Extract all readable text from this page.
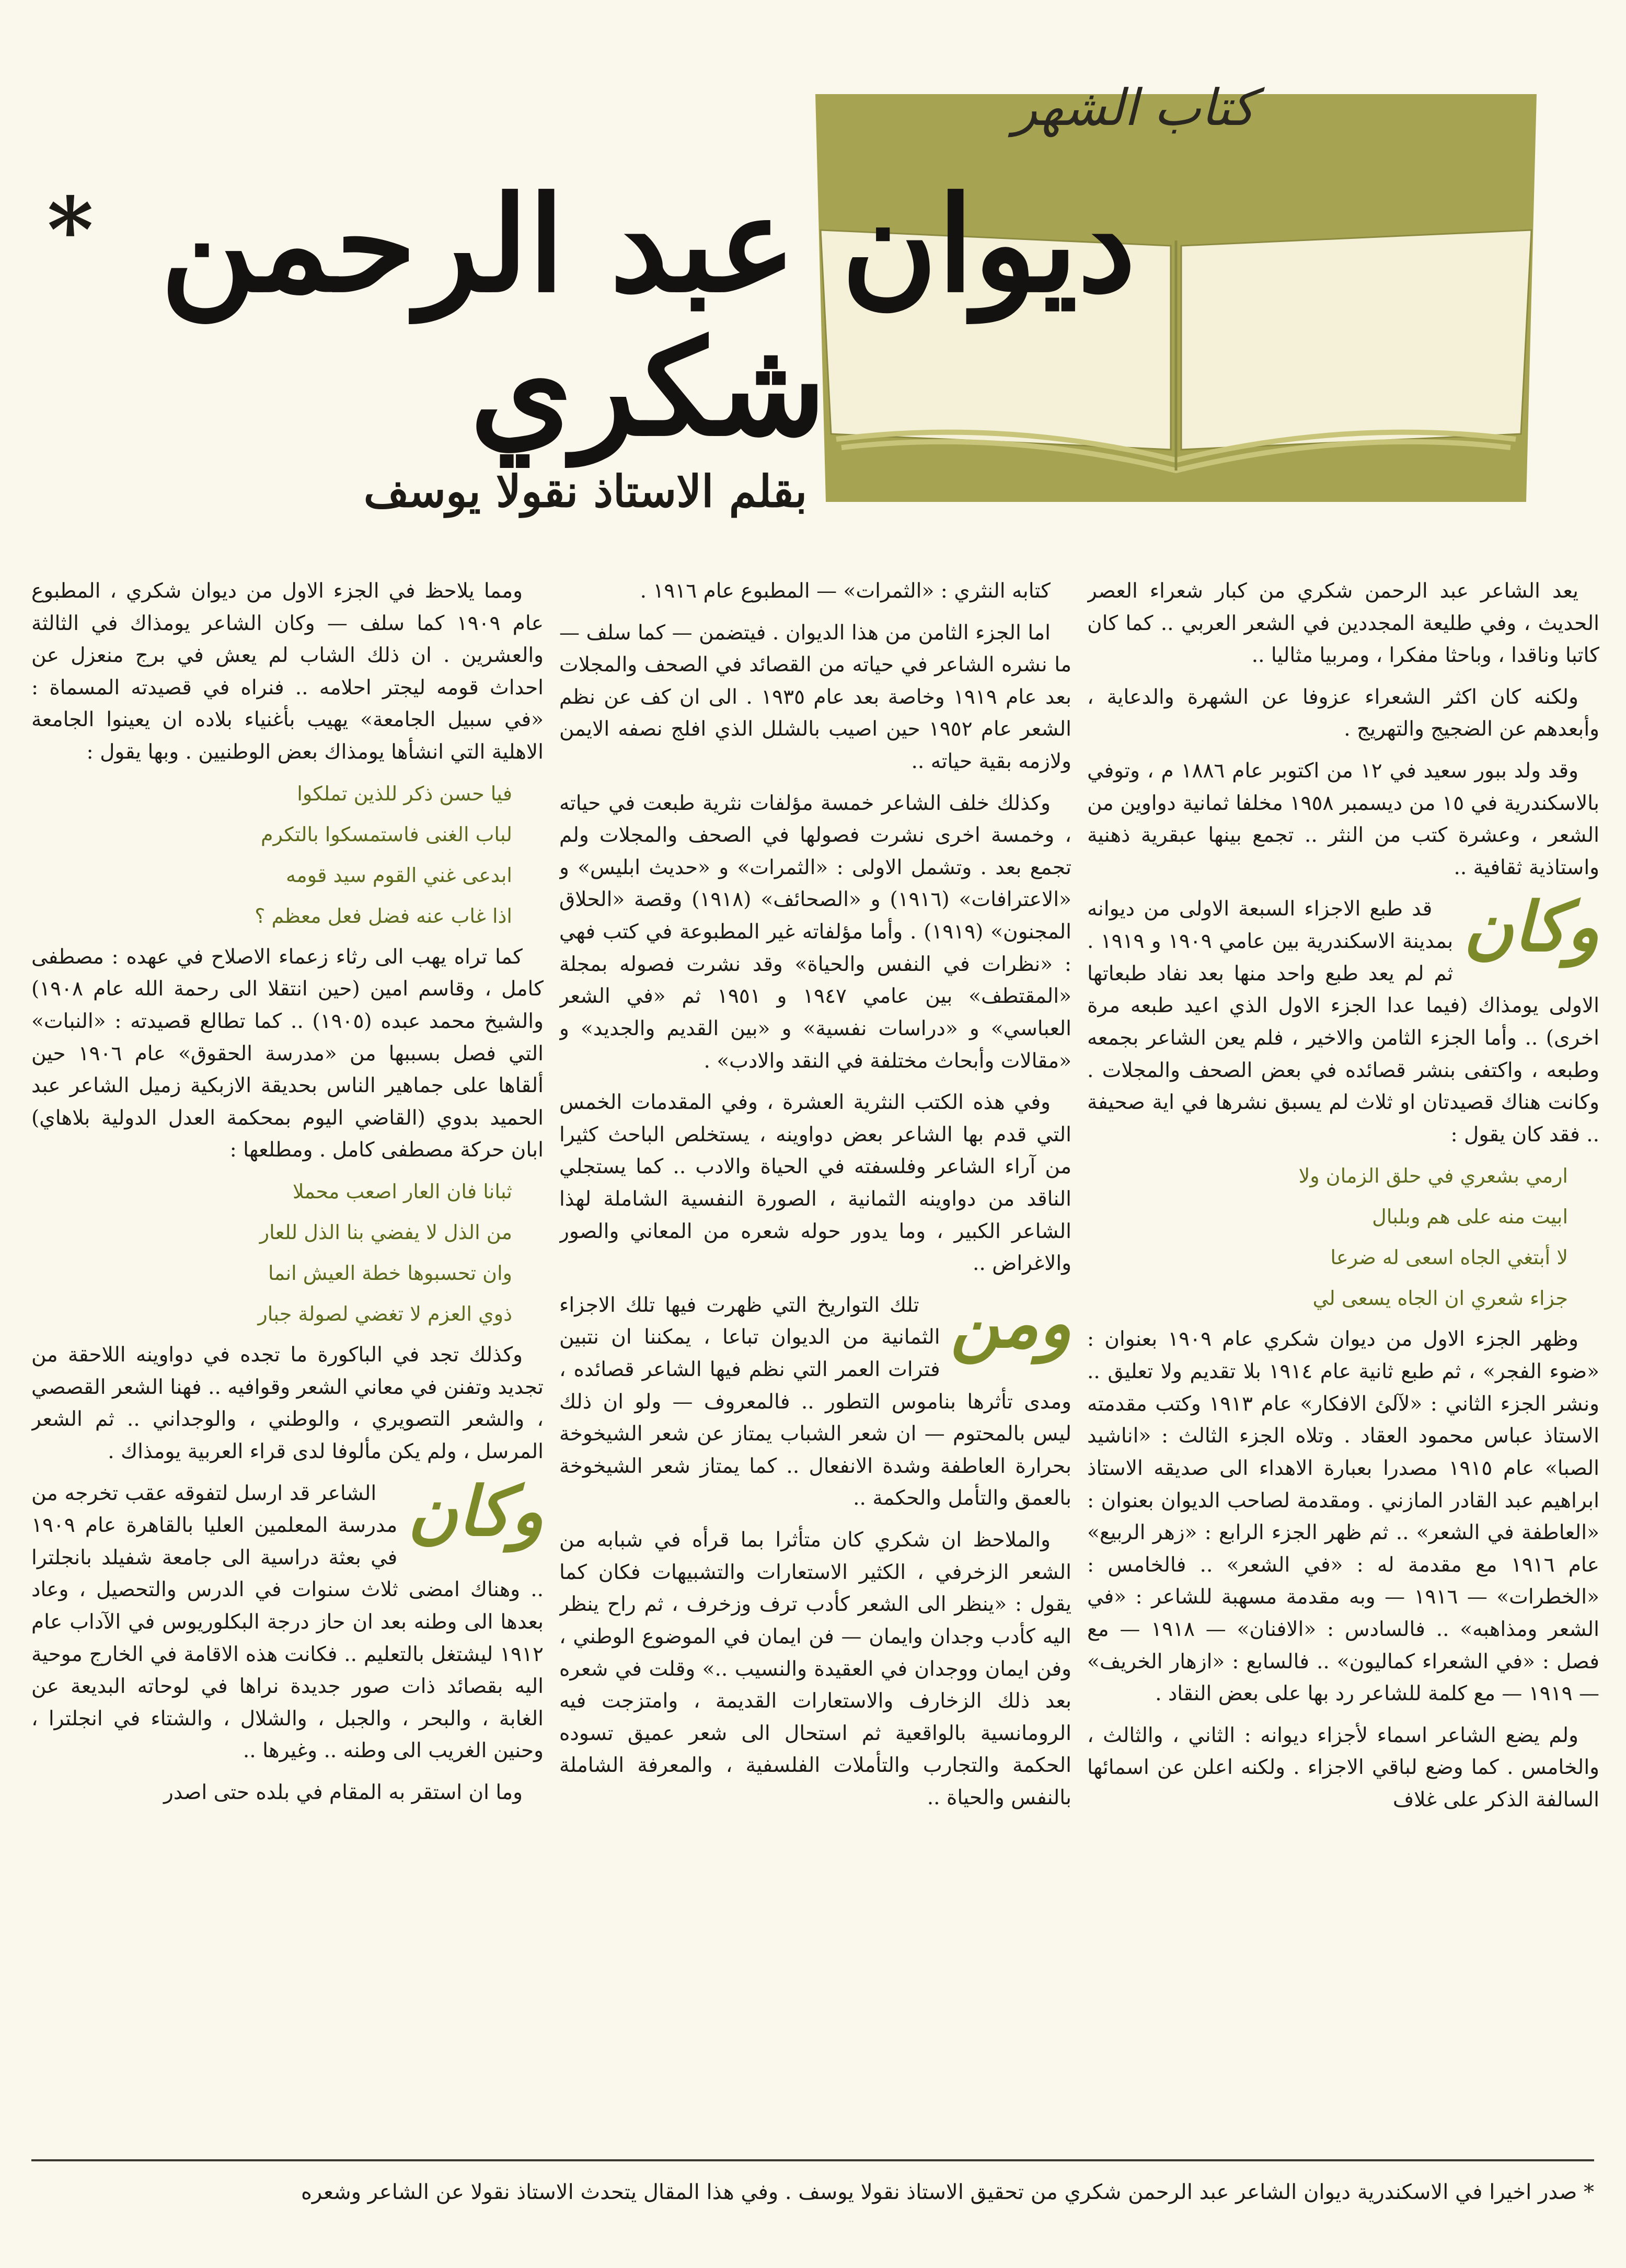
كتاب الشهر
* ديوان عبد الرحمن شكري
بقلم الاستاذ نقولا يوسف

يعد الشاعر عبد الرحمن شكري من كبار شعراء العصر الحديث ، وفي طليعة المجددين في الشعر العربي .. كما كان كاتبا وناقدا ، وباحثا مفكرا ، ومربيا مثاليا ..

ولكنه كان اكثر الشعراء عزوفا عن الشهرة والدعاية ، وأبعدهم عن الضجيج والتهريج .

وقد ولد ببور سعيد في ١٢ من اكتوبر عام ١٨٨٦ م ، وتوفي بالاسكندرية في ١٥ من ديسمبر ١٩٥٨ مخلفا ثمانية دواوين من الشعر ، وعشرة كتب من النثر .. تجمع بينها عبقرية ذهنية واستاذية ثقافية ..

وكان

قد طبع الاجزاء السبعة الاولى من ديوانه بمدينة الاسكندرية بين عامي ١٩٠٩ و ١٩١٩ . ثم لم يعد طبع واحد منها بعد نفاد طبعاتها الاولى يومذاك (فيما عدا الجزء الاول الذي اعيد طبعه مرة اخرى) .. وأما الجزء الثامن والاخير ، فلم يعن الشاعر بجمعه وطبعه ، واكتفى بنشر قصائده في بعض الصحف والمجلات . وكانت هناك قصيدتان او ثلاث لم يسبق نشرها في اية صحيفة .. فقد كان يقول :

ارمي بشعري في حلق الزمان ولا

ابيت منه على هم وبلبال

لا أبتغي الجاه اسعى له ضرعا

جزاء شعري ان الجاه يسعى لي

وظهر الجزء الاول من ديوان شكري عام ١٩٠٩ بعنوان : «ضوء الفجر» ، ثم طبع ثانية عام ١٩١٤ بلا تقديم ولا تعليق .. ونشر الجزء الثاني : «لآلئ الافكار» عام ١٩١٣ وكتب مقدمته الاستاذ عباس محمود العقاد . وتلاه الجزء الثالث : «اناشيد الصبا» عام ١٩١٥ مصدرا بعبارة الاهداء الى صديقه الاستاذ ابراهيم عبد القادر المازني . ومقدمة لصاحب الديوان بعنوان : «العاطفة في الشعر» .. ثم ظهر الجزء الرابع : «زهر الربيع» عام ١٩١٦ مع مقدمة له : «في الشعر» .. فالخامس : «الخطرات» — ١٩١٦ — وبه مقدمة مسهبة للشاعر : «في الشعر ومذاهبه» .. فالسادس : «الافنان» — ١٩١٨ — مع فصل : «في الشعراء كماليون» .. فالسابع : «ازهار الخريف» — ١٩١٩ — مع كلمة للشاعر رد بها على بعض النقاد .

ولم يضع الشاعر اسماء لأجزاء ديوانه : الثاني ، والثالث ، والخامس . كما وضع لباقي الاجزاء . ولكنه اعلن عن اسمائها السالفة الذكر على غلاف

كتابه النثري : «الثمرات» — المطبوع عام ١٩١٦ .

اما الجزء الثامن من هذا الديوان . فيتضمن — كما سلف — ما نشره الشاعر في حياته من القصائد في الصحف والمجلات بعد عام ١٩١٩ وخاصة بعد عام ١٩٣٥ . الى ان كف عن نظم الشعر عام ١٩٥٢ حين اصيب بالشلل الذي افلج نصفه الايمن ولازمه بقية حياته ..

وكذلك خلف الشاعر خمسة مؤلفات نثرية طبعت في حياته ، وخمسة اخرى نشرت فصولها في الصحف والمجلات ولم تجمع بعد . وتشمل الاولى : «الثمرات» و «حديث ابليس» و «الاعترافات» (١٩١٦) و «الصحائف» (١٩١٨) وقصة «الحلاق المجنون» (١٩١٩) . وأما مؤلفاته غير المطبوعة في كتب فهي : «نظرات في النفس والحياة» وقد نشرت فصوله بمجلة «المقتطف» بين عامي ١٩٤٧ و ١٩٥١ ثم «في الشعر العباسي» و «دراسات نفسية» و «بين القديم والجديد» و «مقالات وأبحاث مختلفة في النقد والادب» .

وفي هذه الكتب النثرية العشرة ، وفي المقدمات الخمس التي قدم بها الشاعر بعض دواوينه ، يستخلص الباحث كثيرا من آراء الشاعر وفلسفته في الحياة والادب .. كما يستجلي الناقد من دواوينه الثمانية ، الصورة النفسية الشاملة لهذا الشاعر الكبير ، وما يدور حوله شعره من المعاني والصور والاغراض ..

ومن

تلك التواريخ التي ظهرت فيها تلك الاجزاء الثمانية من الديوان تباعا ، يمكننا ان نتبين فترات العمر التي نظم فيها الشاعر قصائده ، ومدى تأثرها بناموس التطور .. فالمعروف — ولو ان ذلك ليس بالمحتوم — ان شعر الشباب يمتاز عن شعر الشيخوخة بحرارة العاطفة وشدة الانفعال .. كما يمتاز شعر الشيخوخة بالعمق والتأمل والحكمة ..

والملاحظ ان شكري كان متأثرا بما قرأه في شبابه من الشعر الزخرفي ، الكثير الاستعارات والتشبيهات فكان كما يقول : «ينظر الى الشعر كأدب ترف وزخرف ، ثم راح ينظر اليه كأدب وجدان وايمان — فن ايمان في الموضوع الوطني ، وفن ايمان ووجدان في العقيدة والنسيب ..» وقلت في شعره بعد ذلك الزخارف والاستعارات القديمة ، وامتزجت فيه الرومانسية بالواقعية ثم استحال الى شعر عميق تسوده الحكمة والتجارب والتأملات الفلسفية ، والمعرفة الشاملة بالنفس والحياة ..

ومما يلاحظ في الجزء الاول من ديوان شكري ، المطبوع عام ١٩٠٩ كما سلف — وكان الشاعر يومذاك في الثالثة والعشرين . ان ذلك الشاب لم يعش في برج منعزل عن احداث قومه ليجتر احلامه .. فنراه في قصيدته المسماة : «في سبيل الجامعة» يهيب بأغنياء بلاده ان يعينوا الجامعة الاهلية التي انشأها يومذاك بعض الوطنيين . وبها يقول :

فيا حسن ذكر للذين تملكوا

لباب الغنى فاستمسكوا بالتكرم

ابدعى غني القوم سيد قومه

اذا غاب عنه فضل فعل معظم ؟

كما تراه يهب الى رثاء زعماء الاصلاح في عهده : مصطفى كامل ، وقاسم امين (حين انتقلا الى رحمة الله عام ١٩٠٨) والشيخ محمد عبده (١٩٠٥) .. كما تطالع قصيدته : «النبات» التي فصل بسببها من «مدرسة الحقوق» عام ١٩٠٦ حين ألقاها على جماهير الناس بحديقة الازبكية زميل الشاعر عبد الحميد بدوي (القاضي اليوم بمحكمة العدل الدولية بلاهاي) ابان حركة مصطفى كامل . ومطلعها :

ثبانا فان العار اصعب محملا

من الذل لا يفضي بنا الذل للعار

وان تحسبوها خطة العيش انما

ذوي العزم لا تغضي لصولة جبار

وكذلك تجد في الباكورة ما تجده في دواوينه اللاحقة من تجديد وتفنن في معاني الشعر وقوافيه .. فهنا الشعر القصصي ، والشعر التصويري ، والوطني ، والوجداني .. ثم الشعر المرسل ، ولم يكن مألوفا لدى قراء العربية يومذاك .

وكان

الشاعر قد ارسل لتفوقه عقب تخرجه من مدرسة المعلمين العليا بالقاهرة عام ١٩٠٩ في بعثة دراسية الى جامعة شفيلد بانجلترا .. وهناك امضى ثلاث سنوات في الدرس والتحصيل ، وعاد بعدها الى وطنه بعد ان حاز درجة البكلوريوس في الآداب عام ١٩١٢ ليشتغل بالتعليم .. فكانت هذه الاقامة في الخارج موحية اليه بقصائد ذات صور جديدة نراها في لوحاته البديعة عن الغابة ، والبحر ، والجبل ، والشلال ، والشتاء في انجلترا ، وحنين الغريب الى وطنه .. وغيرها ..

وما ان استقر به المقام في بلده حتى اصدر

* صدر اخيرا في الاسكندرية ديوان الشاعر عبد الرحمن شكري من تحقيق الاستاذ نقولا يوسف . وفي هذا المقال يتحدث الاستاذ نقولا عن الشاعر وشعره
